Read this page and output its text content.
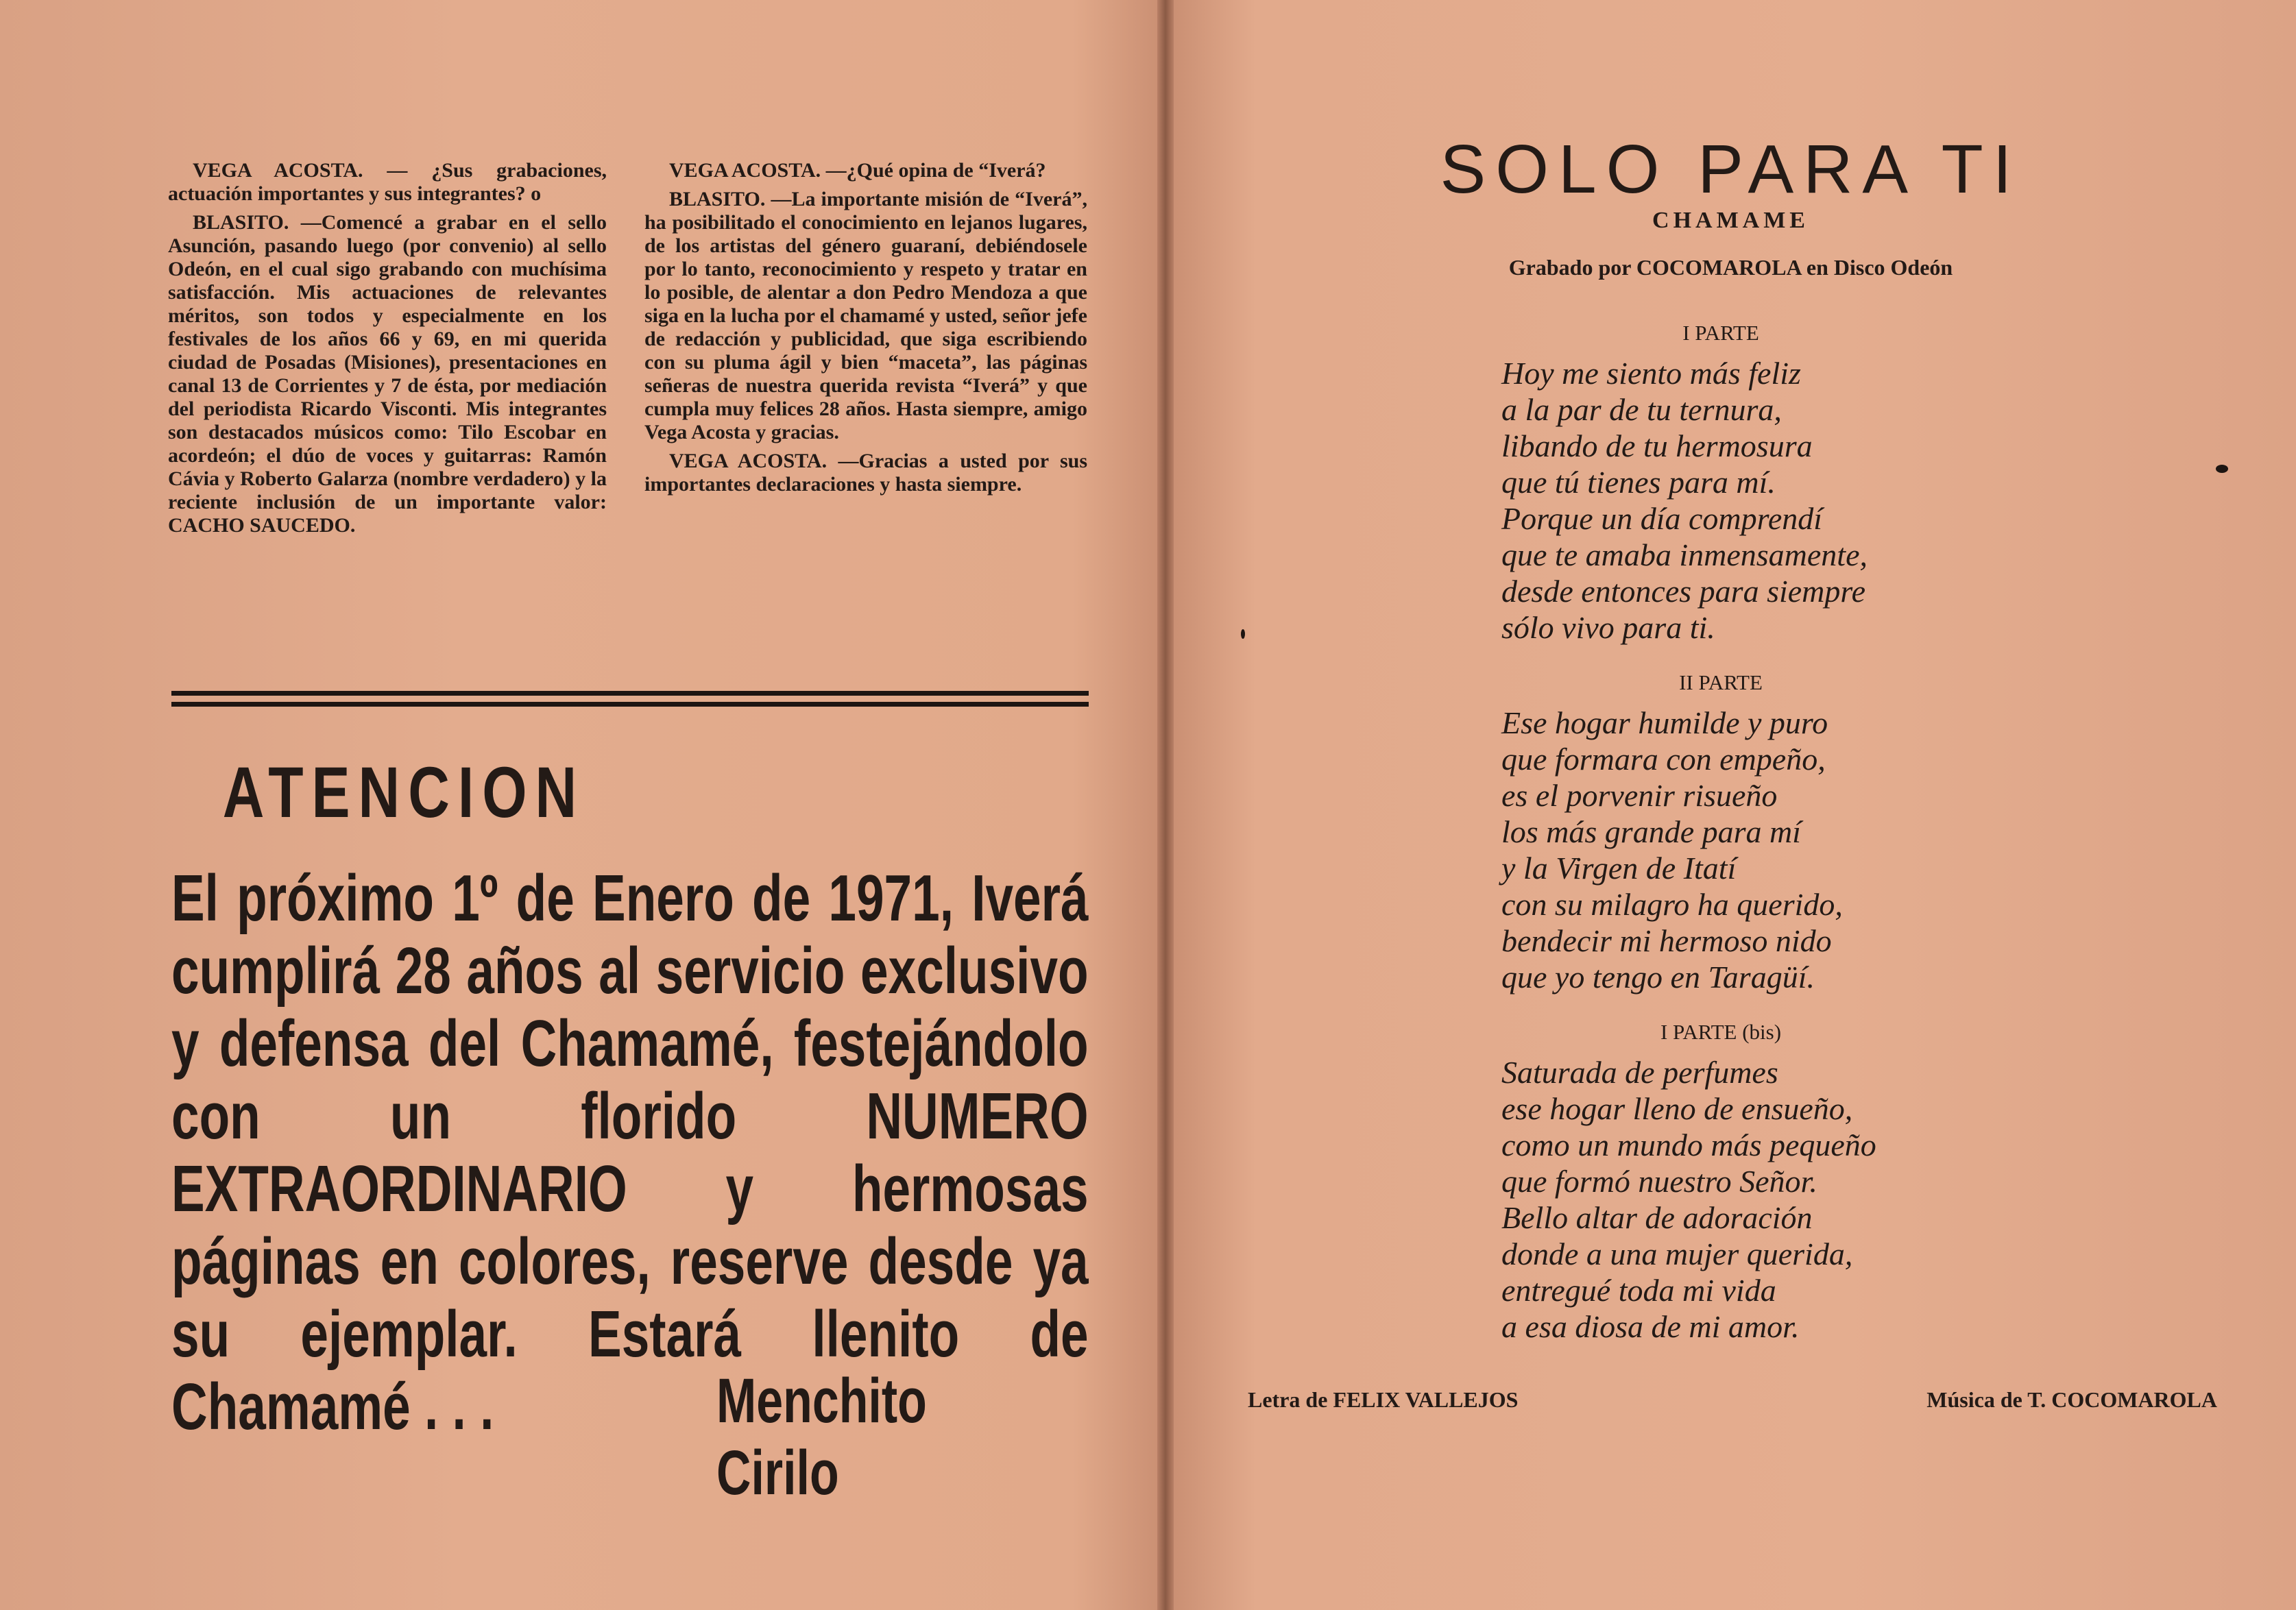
VEGA ACOSTA. — ¿Sus grabaciones, actuación importantes y sus integrantes? o

BLASITO. —Comencé a grabar en el sello Asunción, pasando luego (por convenio) al sello Odeón, en el cual sigo grabando con muchísima satisfacción. Mis actuaciones de relevantes méritos, son todos y especialmente en los festivales de los años 66 y 69, en mi querida ciudad de Posadas (Misiones), presentaciones en canal 13 de Corrientes y 7 de ésta, por mediación del periodista Ricardo Visconti. Mis integrantes son destacados músicos como: Tilo Escobar en acordeón; el dúo de voces y guitarras: Ramón Cávia y Roberto Galarza (nombre verdadero) y la reciente inclusión de un importante valor: CACHO SAUCEDO.

VEGA ACOSTA. —¿Qué opina de “Iverá?

BLASITO. —La importante misión de “Iverá”, ha posibilitado el conocimiento en lejanos lugares, de los artistas del género guaraní, debiéndosele por lo tanto, reconocimiento y respeto y tratar en lo posible, de alentar a don Pedro Mendoza a que siga en la lucha por el chamamé y usted, señor jefe de redacción y publicidad, que siga escribiendo con su pluma ágil y bien “maceta”, las páginas señeras de nuestra querida revista “Iverá” y que cumpla muy felices 28 años. Hasta siempre, amigo Vega Acosta y gracias.

VEGA ACOSTA. —Gracias a usted por sus importantes declaraciones y hasta siempre.

ATENCION
El próximo 1º de Enero de 1971, Iverá cumplirá 28 años al servicio exclusivo y defensa del Chamamé, festejándolo con un florido NUMERO EXTRAORDINARIO y hermosas páginas en colores, reserve desde ya su ejemplar. Estará llenito de Chamamé . . .	Menchito Cirilo
SOLO PARA TI
CHAMAME
Grabado por COCOMAROLA en Disco Odeón
I PARTE
Hoy me siento más feliz
a la par de tu ternura,
libando de tu hermosura
que tú tienes para mí.
Porque un día comprendí
que te amaba inmensamente,
desde entonces para siempre
sólo vivo para ti.
II PARTE
Ese hogar humilde y puro
que formara con empeño,
es el porvenir risueño
los más grande para mí
y la Virgen de Itatí
con su milagro ha querido,
bendecir mi hermoso nido
que yo tengo en Taragüí.
I PARTE (bis)
Saturada de perfumes
ese hogar lleno de ensueño,
como un mundo más pequeño
que formó nuestro Señor.
Bello altar de adoración
donde a una mujer querida,
entregué toda mi vida
a esa diosa de mi amor.
Letra de FELIX VALLEJOS	Música de T. COCOMAROLA
